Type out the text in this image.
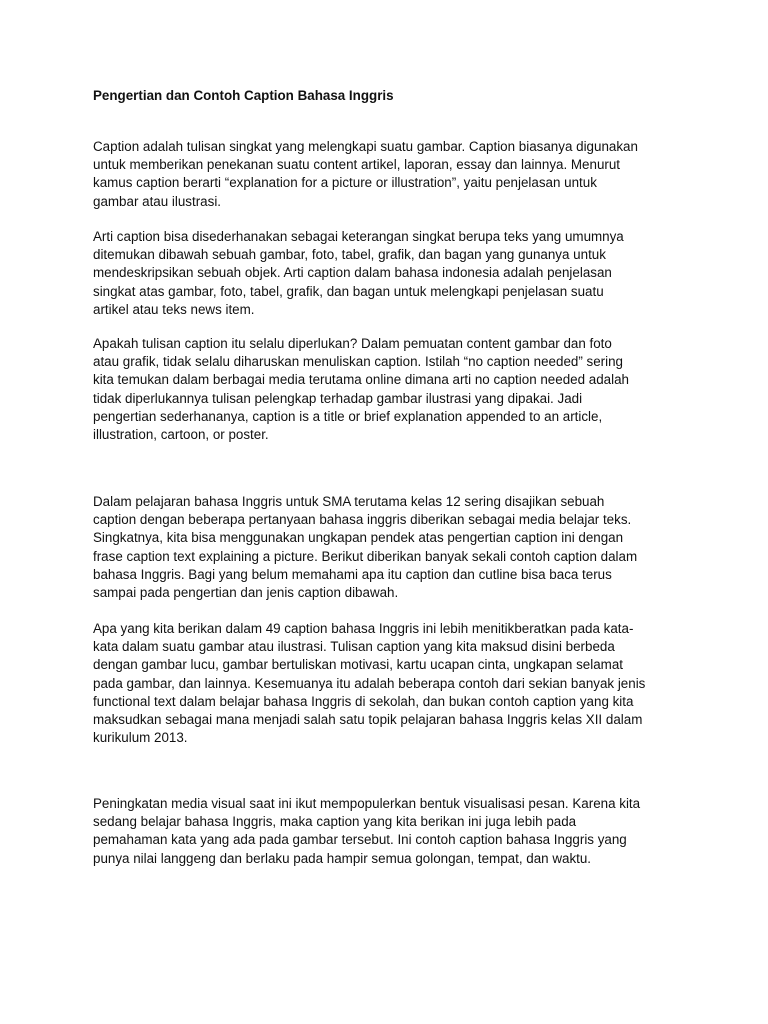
Pengertian dan Contoh Caption Bahasa Inggris

Caption adalah tulisan singkat yang melengkapi suatu gambar. Caption biasanya digunakan
untuk memberikan penekanan suatu content artikel, laporan, essay dan lainnya. Menurut
kamus caption berarti “explanation for a picture or illustration”, yaitu penjelasan untuk
gambar atau ilustrasi.

Arti caption bisa disederhanakan sebagai keterangan singkat berupa teks yang umumnya
ditemukan dibawah sebuah gambar, foto, tabel, grafik, dan bagan yang gunanya untuk
mendeskripsikan sebuah objek. Arti caption dalam bahasa indonesia adalah penjelasan
singkat atas gambar, foto, tabel, grafik, dan bagan untuk melengkapi penjelasan suatu
artikel atau teks news item.

Apakah tulisan caption itu selalu diperlukan? Dalam pemuatan content gambar dan foto
atau grafik, tidak selalu diharuskan menuliskan caption. Istilah “no caption needed” sering
kita temukan dalam berbagai media terutama online dimana arti no caption needed adalah
tidak diperlukannya tulisan pelengkap terhadap gambar ilustrasi yang dipakai. Jadi
pengertian sederhananya, caption is a title or brief explanation appended to an article,
illustration, cartoon, or poster.

Dalam pelajaran bahasa Inggris untuk SMA terutama kelas 12 sering disajikan sebuah
caption dengan beberapa pertanyaan bahasa inggris diberikan sebagai media belajar teks.
Singkatnya, kita bisa menggunakan ungkapan pendek atas pengertian caption ini dengan
frase caption text explaining a picture. Berikut diberikan banyak sekali contoh caption dalam
bahasa Inggris. Bagi yang belum memahami apa itu caption dan cutline bisa baca terus
sampai pada pengertian dan jenis caption dibawah.

Apa yang kita berikan dalam 49 caption bahasa Inggris ini lebih menitikberatkan pada kata-
kata dalam suatu gambar atau ilustrasi. Tulisan caption yang kita maksud disini berbeda
dengan gambar lucu, gambar bertuliskan motivasi, kartu ucapan cinta, ungkapan selamat
pada gambar, dan lainnya. Kesemuanya itu adalah beberapa contoh dari sekian banyak jenis
functional text dalam belajar bahasa Inggris di sekolah, dan bukan contoh caption yang kita
maksudkan sebagai mana menjadi salah satu topik pelajaran bahasa Inggris kelas XII dalam
kurikulum 2013.

Peningkatan media visual saat ini ikut mempopulerkan bentuk visualisasi pesan. Karena kita
sedang belajar bahasa Inggris, maka caption yang kita berikan ini juga lebih pada
pemahaman kata yang ada pada gambar tersebut. Ini contoh caption bahasa Inggris yang
punya nilai langgeng dan berlaku pada hampir semua golongan, tempat, dan waktu.
